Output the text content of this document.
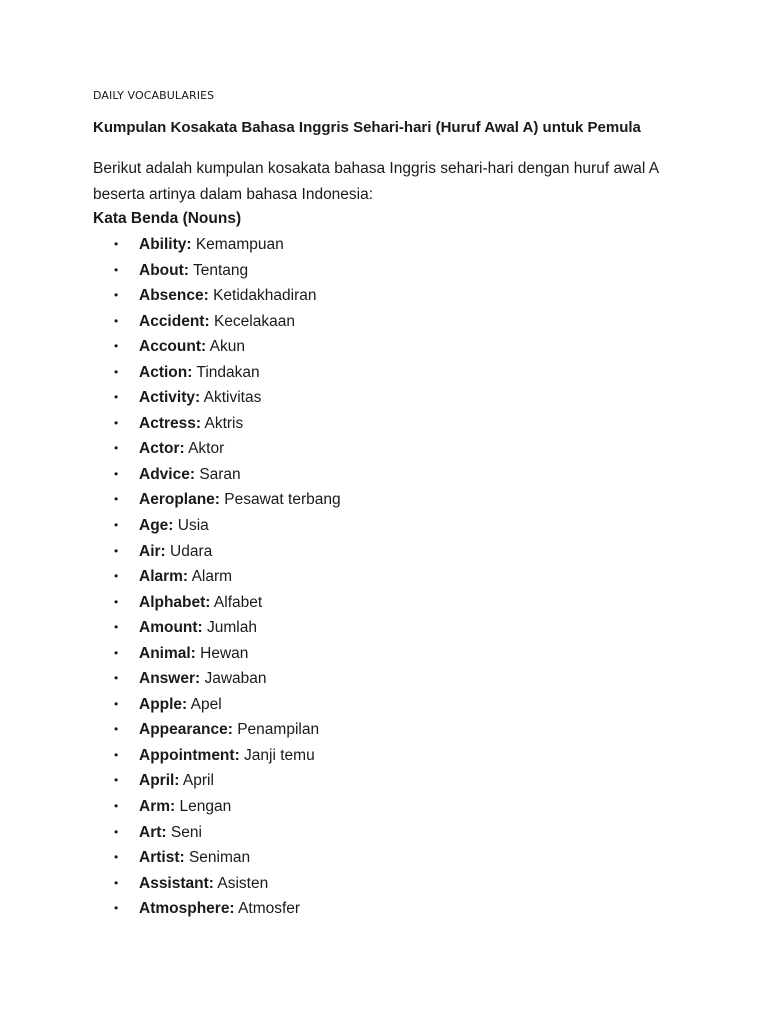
DAILY VOCABULARIES
Kumpulan Kosakata Bahasa Inggris Sehari-hari (Huruf Awal A) untuk Pemula
Berikut adalah kumpulan kosakata bahasa Inggris sehari-hari dengan huruf awal A beserta artinya dalam bahasa Indonesia:
Kata Benda (Nouns)
• Ability: Kemampuan
• About: Tentang
• Absence: Ketidakhadiran
• Accident: Kecelakaan
• Account: Akun
• Action: Tindakan
• Activity: Aktivitas
• Actress: Aktris
• Actor: Aktor
• Advice: Saran
• Aeroplane: Pesawat terbang
• Age: Usia
• Air: Udara
• Alarm: Alarm
• Alphabet: Alfabet
• Amount: Jumlah
• Animal: Hewan
• Answer: Jawaban
• Apple: Apel
• Appearance: Penampilan
• Appointment: Janji temu
• April: April
• Arm: Lengan
• Art: Seni
• Artist: Seniman
• Assistant: Asisten
• Atmosphere: Atmosfer
